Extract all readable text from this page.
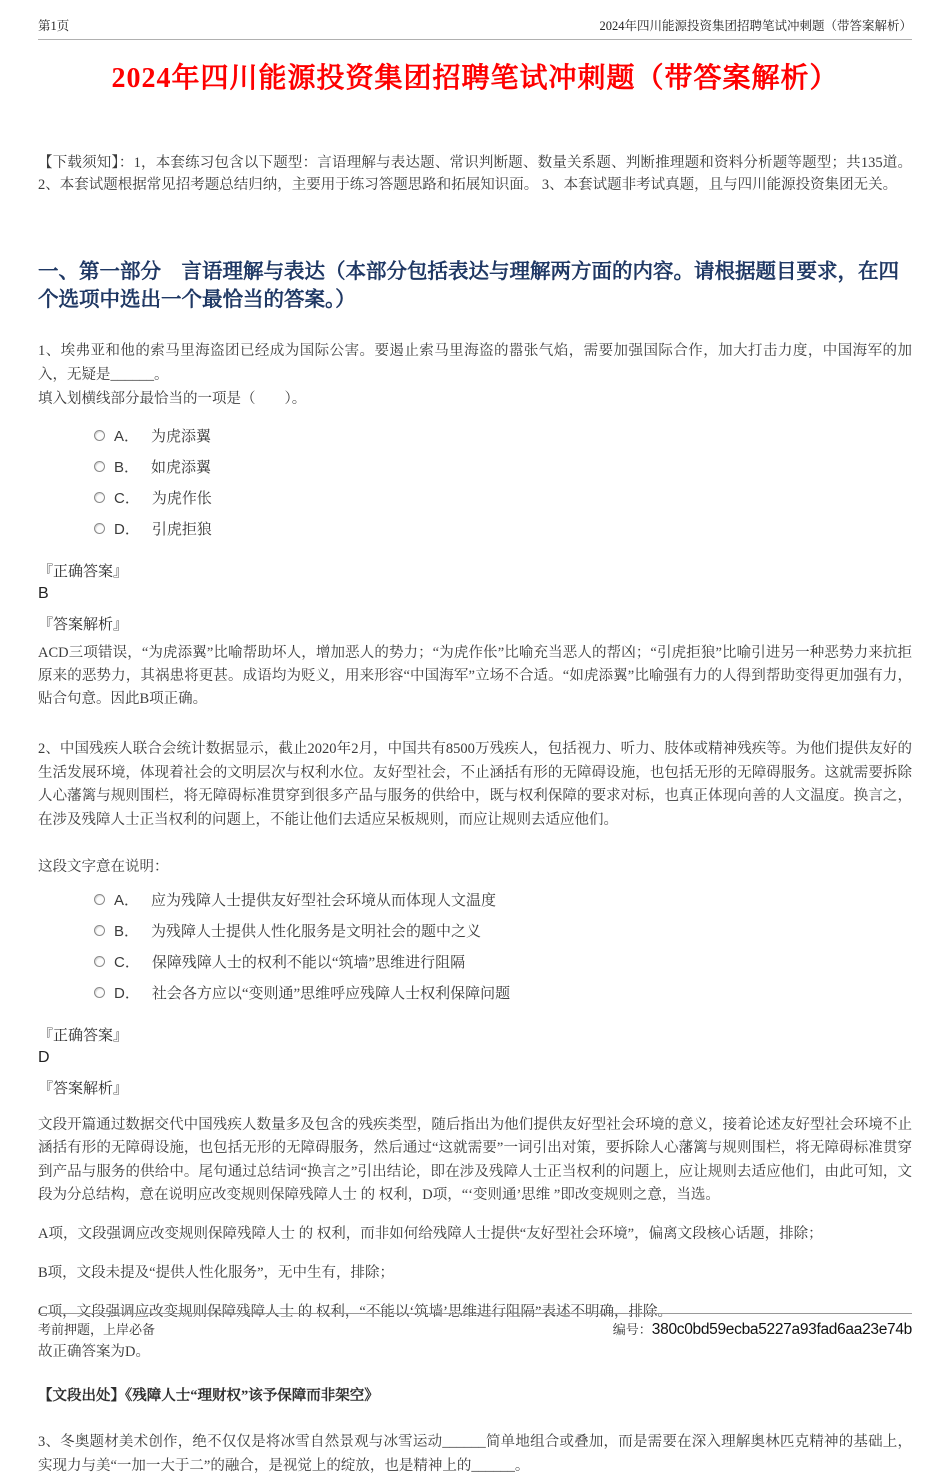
第1页	2024年四川能源投资集团招聘笔试冲刺题（带答案解析）
2024年四川能源投资集团招聘笔试冲刺题（带答案解析）

【下载须知】：1，本套练习包含以下题型：言语理解与表达题、常识判断题、数量关系题、判断推理题和资料分析题等题型；共135道。2、本套试题根据常见招考题总结归纳，主要用于练习答题思路和拓展知识面。 3、本套试题非考试真题，且与四川能源投资集团无关。

一、第一部分　言语理解与表达（本部分包括表达与理解两方面的内容。请根据题目要求，在四个选项中选出一个最恰当的答案。）

1、埃弗亚和他的索马里海盗团已经成为国际公害。要遏止索马里海盗的嚣张气焰，需要加强国际合作，加大打击力度，中国海军的加入，无疑是______。

填入划横线部分最恰当的一项是（　　）。

A． 为虎添翼
B． 如虎添翼
C． 为虎作伥
D． 引虎拒狼

『正确答案』

B

『答案解析』

ACD三项错误，“为虎添翼”比喻帮助坏人，增加恶人的势力；“为虎作伥”比喻充当恶人的帮凶；“引虎拒狼”比喻引进另一种恶势力来抗拒原来的恶势力，其祸患将更甚。成语均为贬义，用来形容“中国海军”立场不合适。“如虎添翼”比喻强有力的人得到帮助变得更加强有力，贴合句意。因此B项正确。

2、中国残疾人联合会统计数据显示，截止2020年2月，中国共有8500万残疾人，包括视力、听力、肢体或精神残疾等。为他们提供友好的生活发展环境，体现着社会的文明层次与权利水位。友好型社会，不止涵括有形的无障碍设施，也包括无形的无障碍服务。这就需要拆除人心藩篱与规则围栏，将无障碍标准贯穿到很多产品与服务的供给中，既与权利保障的要求对标，也真正体现向善的人文温度。换言之，在涉及残障人士正当权利的问题上，不能让他们去适应呆板规则，而应让规则去适应他们。

这段文字意在说明：

A． 应为残障人士提供友好型社会环境从而体现人文温度
B． 为残障人士提供人性化服务是文明社会的题中之义
C． 保障残障人士的权利不能以“筑墙”思维进行阻隔
D． 社会各方应以“变则通”思维呼应残障人士权利保障问题

『正确答案』

D

『答案解析』

文段开篇通过数据交代中国残疾人数量多及包含的残疾类型，随后指出为他们提供友好型社会环境的意义，接着论述友好型社会环境不止涵括有形的无障碍设施，也包括无形的无障碍服务，然后通过“这就需要”一词引出对策，要拆除人心藩篱与规则围栏，将无障碍标准贯穿到产品与服务的供给中。尾句通过总结词“换言之”引出结论，即在涉及残障人士正当权利的问题上，应让规则去适应他们，由此可知，文段为分总结构，意在说明应改变规则保障残障人士 的 权利，D项，“‘变则通’思维 ”即改变规则之意，当选。

A项，文段强调应改变规则保障残障人士 的 权利，而非如何给残障人士提供“友好型社会环境”，偏离文段核心话题，排除；

B项，文段未提及“提供人性化服务”，无中生有，排除；

C项，文段强调应改变规则保障残障人士 的 权利，“不能以‘筑墙’思维进行阻隔”表述不明确，排除。

故正确答案为D。

【文段出处】《残障人士“理财权”该予保障而非架空》

3、冬奥题材美术创作，绝不仅仅是将冰雪自然景观与冰雪运动______简单地组合或叠加，而是需要在深入理解奥林匹克精神的基础上，实现力与美“一加一大于二”的融合，是视觉上的绽放，也是精神上的______。

考前押题，上岸必备	编号：380c0bd59ecba5227a93fad6aa23e74b
